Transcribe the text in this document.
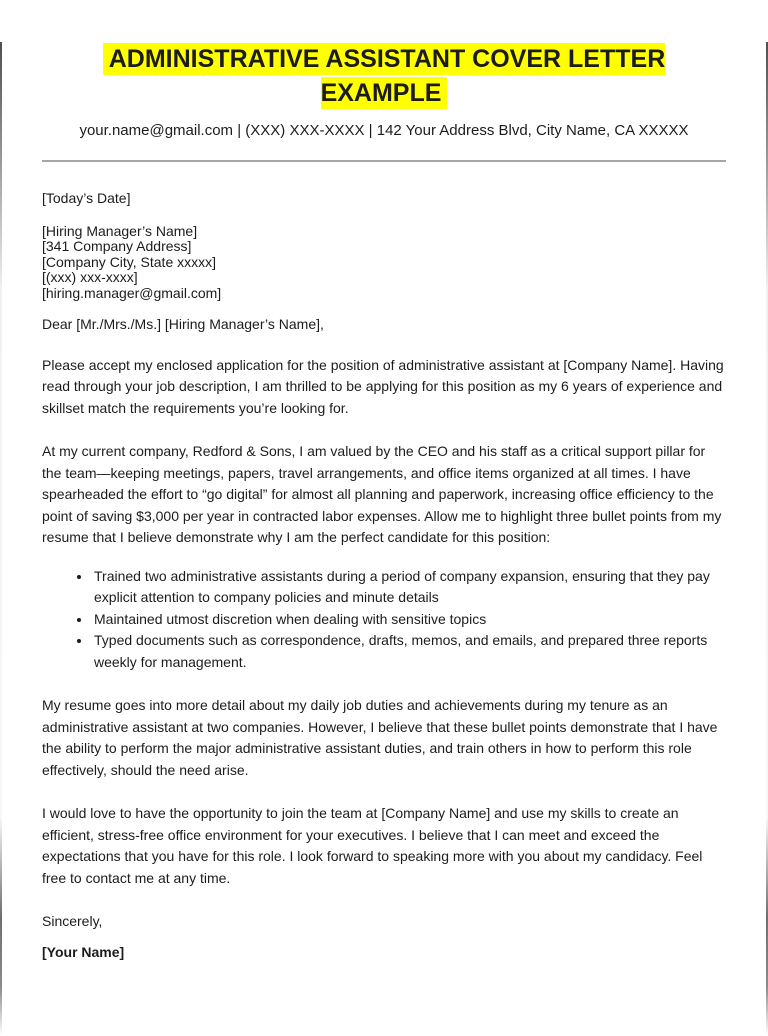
ADMINISTRATIVE ASSISTANT COVER LETTER EXAMPLE

your.name@gmail.com | (XXX) XXX-XXXX | 142 Your Address Blvd, City Name, CA XXXXX

[Today’s Date]

[Hiring Manager’s Name]
[341 Company Address]
[Company City, State xxxxx]
[(xxx) xxx-xxxx]
[hiring.manager@gmail.com]

Dear [Mr./Mrs./Ms.] [Hiring Manager’s Name],

Please accept my enclosed application for the position of administrative assistant at [Company Name]. Having read through your job description, I am thrilled to be applying for this position as my 6 years of experience and skillset match the requirements you’re looking for.

At my current company, Redford & Sons, I am valued by the CEO and his staff as a critical support pillar for the team—keeping meetings, papers, travel arrangements, and office items organized at all times. I have spearheaded the effort to “go digital” for almost all planning and paperwork, increasing office efficiency to the point of saving $3,000 per year in contracted labor expenses. Allow me to highlight three bullet points from my resume that I believe demonstrate why I am the perfect candidate for this position:

• Trained two administrative assistants during a period of company expansion, ensuring that they pay explicit attention to company policies and minute details
• Maintained utmost discretion when dealing with sensitive topics
• Typed documents such as correspondence, drafts, memos, and emails, and prepared three reports weekly for management.

My resume goes into more detail about my daily job duties and achievements during my tenure as an administrative assistant at two companies. However, I believe that these bullet points demonstrate that I have the ability to perform the major administrative assistant duties, and train others in how to perform this role effectively, should the need arise.

I would love to have the opportunity to join the team at [Company Name] and use my skills to create an efficient, stress-free office environment for your executives. I believe that I can meet and exceed the expectations that you have for this role. I look forward to speaking more with you about my candidacy. Feel free to contact me at any time.

Sincerely,

[Your Name]
